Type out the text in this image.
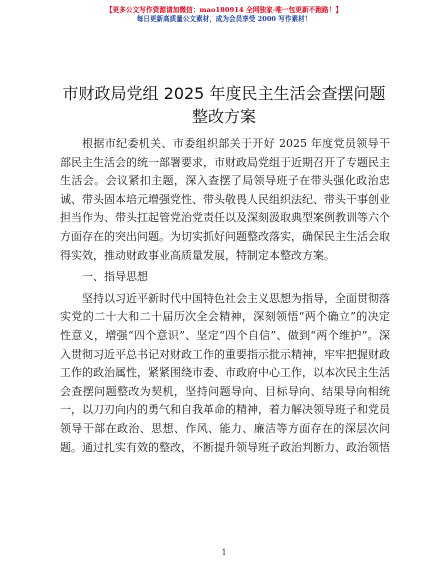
【更多公文写作资源请加微信：mao180914 全网独家·唯一包更新不跑路！】
每日更新高质量公文素材，成为会员享受 2000 写作素材！
市财政局党组 2025 年度民主生活会查摆问题整改方案

根据市纪委机关、市委组织部关于开好 2025 年度党员领导干部民主生活会的统一部署要求，市财政局党组于近期召开了专题民主生活会。会议紧扣主题，深入查摆了局领导班子在带头强化政治忠诚、带头固本培元增强党性、带头敬畏人民组织法纪、带头干事创业担当作为、带头扛起管党治党责任以及深刻汲取典型案例教训等六个方面存在的突出问题。为切实抓好问题整改落实，确保民主生活会取得实效，推动财政事业高质量发展，特制定本整改方案。

一、指导思想

坚持以习近平新时代中国特色社会主义思想为指导，全面贯彻落实党的二十大和二十届历次全会精神，深刻领悟“两个确立”的决定性意义，增强“四个意识”、坚定“四个自信”、做到“两个维护”。深入贯彻习近平总书记对财政工作的重要指示批示精神，牢牢把握财政工作的政治属性，紧紧围绕市委、市政府中心工作，以本次民主生活会查摆问题整改为契机，坚持问题导向、目标导向、结果导向相统一，以刀刃向内的勇气和自我革命的精神，着力解决领导班子和党员领导干部在政治、思想、作风、能力、廉洁等方面存在的深层次问题。通过扎实有效的整改，不断提升领导班子政治判断力、政治领悟

1
